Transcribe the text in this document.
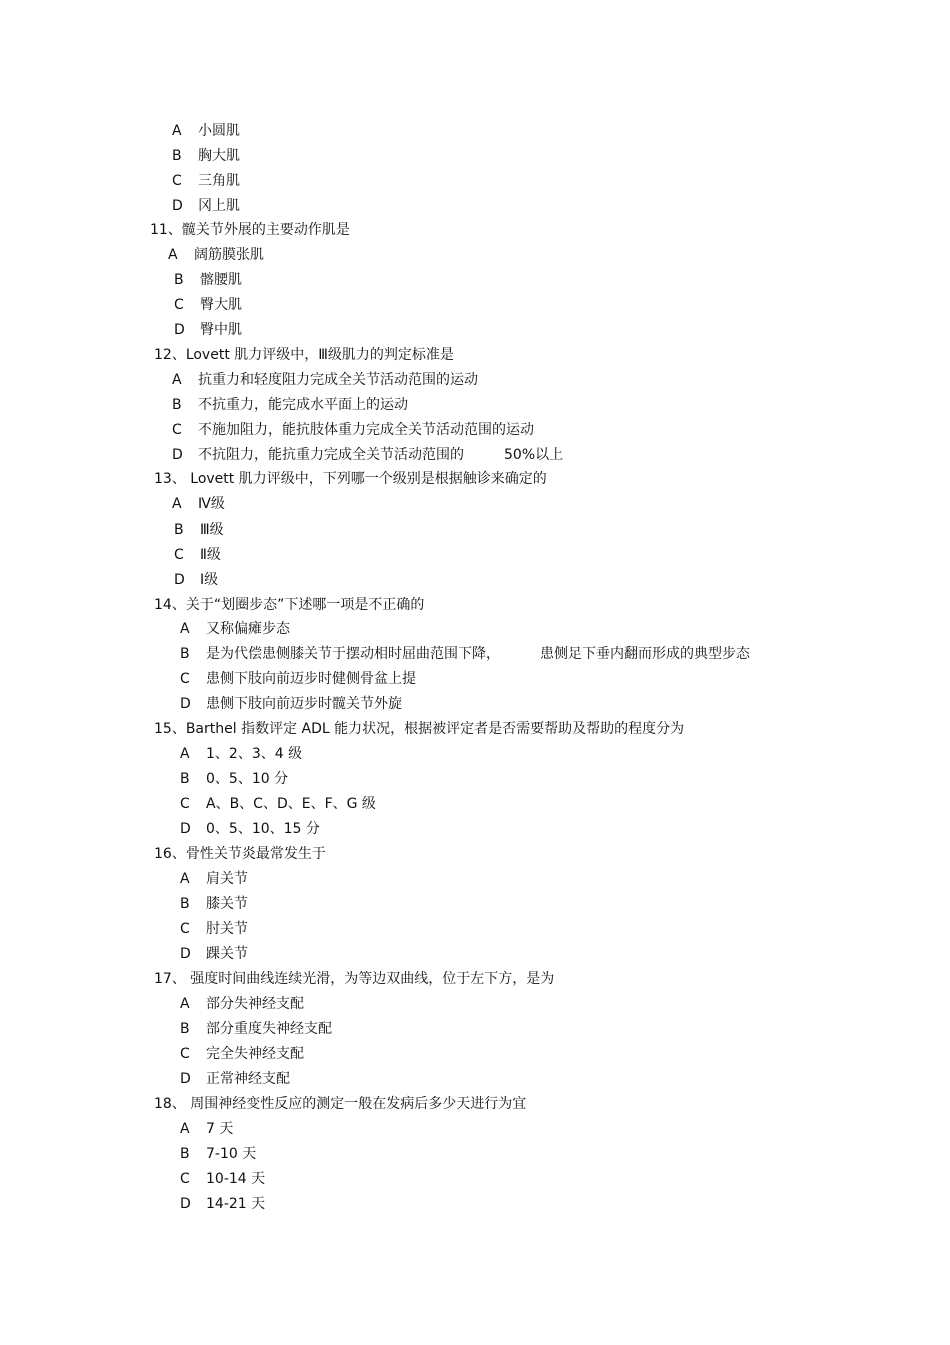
A 小圆肌
B 胸大肌
C 三角肌
D 冈上肌
11、髋关节外展的主要动作肌是
A 阔筋膜张肌
B 髂腰肌
C 臀大肌
D 臀中肌
12、Lovett 肌力评级中，Ⅲ级肌力的判定标准是
A 抗重力和轻度阻力完成全关节活动范围的运动
B 不抗重力，能完成水平面上的运动
C 不施加阻力，能抗肢体重力完成全关节活动范围的运动
D 不抗阻力，能抗重力完成全关节活动范围的	50%以上
13、 Lovett 肌力评级中，下列哪一个级别是根据触诊来确定的
A Ⅳ级
B Ⅲ级
C Ⅱ级
D Ⅰ级
14、关于“划圈步态”下述哪一项是不正确的
A 又称偏瘫步态
B 是为代偿患侧膝关节于摆动相时屈曲范围下降，	患侧足下垂内翻而形成的典型步态
C 患侧下肢向前迈步时健侧骨盆上提
D 患侧下肢向前迈步时髋关节外旋
15、Barthel 指数评定 ADL 能力状况，根据被评定者是否需要帮助及帮助的程度分为
A 1、2、3、4 级
B 0、5、10 分
C A、B、C、D、E、F、G 级
D 0、5、10、15 分
16、骨性关节炎最常发生于
A 肩关节
B 膝关节
C 肘关节
D 踝关节
17、 强度时间曲线连续光滑，为等边双曲线，位于左下方，是为
A 部分失神经支配
B 部分重度失神经支配
C 完全失神经支配
D 正常神经支配
18、 周围神经变性反应的测定一般在发病后多少天进行为宜
A 7 天
B 7-10 天
C 10-14 天
D 14-21 天
